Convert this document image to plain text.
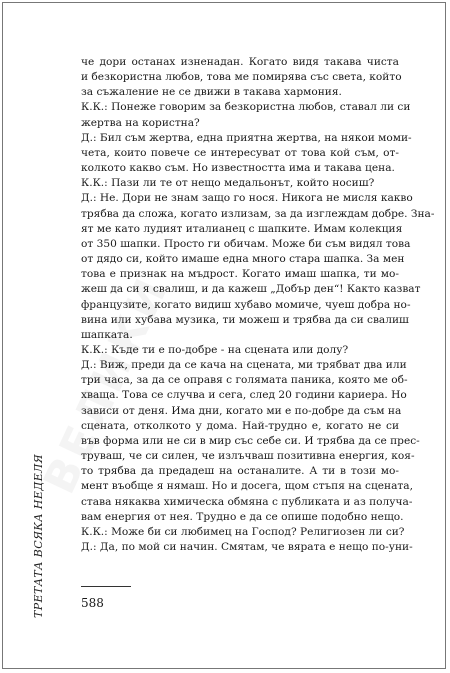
че дори останах изненадан. Когато видя такава чиста
и безкористна любов, това ме помирява със света, който
за съжаление не се движи в такава хармония.
К.К.: Понеже говорим за безкористна любов, ставал ли си
жертва на користна?
Д.: Бил съм жертва, една приятна жертва, на някои моми-
чета, които повече се интересуват от това кой съм, от-
колкото какво съм. Но известността има и такава цена.
К.К.: Пази ли те от нещо медальонът, който носиш?
Д.: Не. Дори не знам защо го нося. Никога не мисля какво
трябва да сложа, когато излизам, за да изглеждам добре. Зна-
ят ме като лудият италианец с шапките. Имам колекция
от 350 шапки. Просто ги обичам. Може би съм видял това
от дядо си, който имаше една много стара шапка. За мен
това е признак на мъдрост. Когато имаш шапка, ти мо-
жеш да си я свалиш, и да кажеш „Добър ден“! Както казват
французите, когато видиш хубаво момиче, чуеш добра но-
вина или хубава музика, ти можеш и трябва да си свалиш
шапката.
К.К.: Къде ти е по-добре - на сцената или долу?
Д.: Виж, преди да се кача на сцената, ми трябват два или
три часа, за да се оправя с голямата паника, която ме об-
хваща. Това се случва и сега, след 20 години кариера. Но
зависи от деня. Има дни, когато ми е по-добре да съм на
сцената, отколкото у дома. Най-трудно е, когато не си
във форма или не си в мир със себе си. И трябва да се прес-
труваш, че си силен, че излъчваш позитивна енергия, коя-
то трябва да предадеш на останалите. А ти в този мо-
мент въобще я нямаш. Но и досега, щом стъпя на сцената,
става някаква химическа обмяна с публиката и аз получа-
вам енергия от нея. Трудно е да се опише подобно нещо.
К.К.: Може би си любимец на Господ? Религиозен ли си?
Д.: Да, по мой си начин. Смятам, че вярата е нещо по-уни-
ТРЕТАТА ВСЯКА НЕДЕЛЯ	588
